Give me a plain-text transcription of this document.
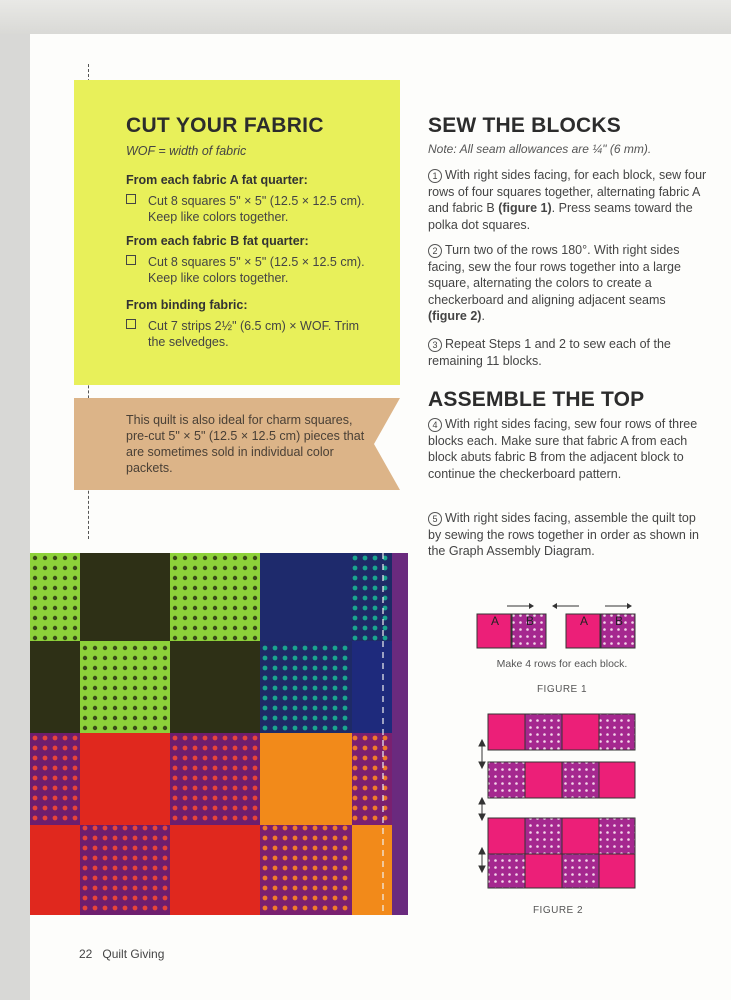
CUT YOUR FABRIC
WOF = width of fabric
From each fabric A fat quarter:
Cut 8 squares 5" × 5" (12.5 × 12.5 cm). Keep like colors together.
From each fabric B fat quarter:
Cut 8 squares 5" × 5" (12.5 × 12.5 cm). Keep like colors together.
From binding fabric:
Cut 7 strips 2½" (6.5 cm) × WOF. Trim the selvedges.
This quilt is also ideal for charm squares, pre-cut 5" × 5" (12.5 × 12.5 cm) pieces that are sometimes sold in individual color packets.
SEW THE BLOCKS
Note: All seam allowances are ¼" (6 mm).
1 With right sides facing, for each block, sew four rows of four squares together, alternating fabric A and fabric B (figure 1). Press seams toward the polka dot squares.
2 Turn two of the rows 180°. With right sides facing, sew the four rows together into a large square, alternating the colors to create a checkerboard and aligning adjacent seams (figure 2).
3 Repeat Steps 1 and 2 to sew each of the remaining 11 blocks.
ASSEMBLE THE TOP
4 With right sides facing, sew four rows of three blocks each. Make sure that fabric A from each block abuts fabric B from the adjacent block to continue the checkerboard pattern.
5 With right sides facing, assemble the quilt top by sewing the rows together in order as shown in the Graph Assembly Diagram.
A	B	A	B
Make 4 rows for each block.
FIGURE 1
FIGURE 2
22 Quilt Giving
